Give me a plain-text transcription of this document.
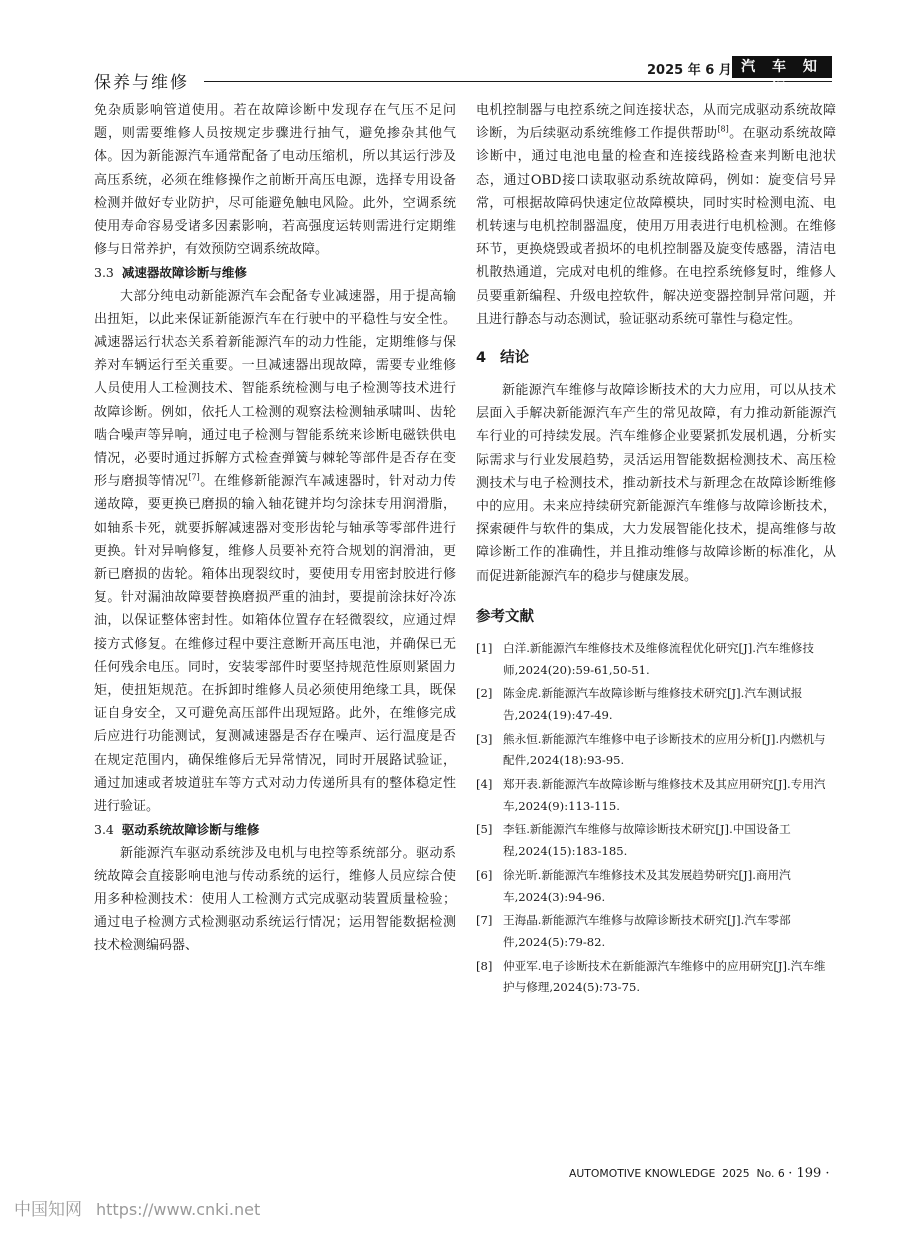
保养与维修
2025 年 6 月 汽 车 知 识

免杂质影响管道使用。若在故障诊断中发现存在气压不足问题，则需要维修人员按规定步骤进行抽气，避免掺杂其他气体。因为新能源汽车通常配备了电动压缩机，所以其运行涉及高压系统，必须在维修操作之前断开高压电源，选择专用设备检测并做好专业防护，尽可能避免触电风险。此外，空调系统使用寿命容易受诸多因素影响，若高强度运转则需进行定期维修与日常养护，有效预防空调系统故障。

3.3 减速器故障诊断与维修

大部分纯电动新能源汽车会配备专业减速器，用于提高输出扭矩，以此来保证新能源汽车在行驶中的平稳性与安全性。减速器运行状态关系着新能源汽车的动力性能，定期维修与保养对车辆运行至关重要。一旦减速器出现故障，需要专业维修人员使用人工检测技术、智能系统检测与电子检测等技术进行故障诊断。例如，依托人工检测的观察法检测轴承啸叫、齿轮啮合噪声等异响，通过电子检测与智能系统来诊断电磁铁供电情况，必要时通过拆解方式检查弹簧与棘轮等部件是否存在变形与磨损等情况[7]。在维修新能源汽车减速器时，针对动力传递故障，要更换已磨损的输入轴花键并均匀涂抹专用润滑脂，如轴系卡死，就要拆解减速器对变形齿轮与轴承等零部件进行更换。针对异响修复，维修人员要补充符合规划的润滑油，更新已磨损的齿轮。箱体出现裂纹时，要使用专用密封胶进行修复。针对漏油故障要替换磨损严重的油封，要提前涂抹好冷冻油，以保证整体密封性。如箱体位置存在轻微裂纹，应通过焊接方式修复。在维修过程中要注意断开高压电池，并确保已无任何残余电压。同时，安装零部件时要坚持规范性原则紧固力矩，使扭矩规范。在拆卸时维修人员必须使用绝缘工具，既保证自身安全，又可避免高压部件出现短路。此外，在维修完成后应进行功能测试，复测减速器是否存在噪声、运行温度是否在规定范围内，确保维修后无异常情况，同时开展路试验证，通过加速或者坡道驻车等方式对动力传递所具有的整体稳定性进行验证。

3.4 驱动系统故障诊断与维修

新能源汽车驱动系统涉及电机与电控等系统部分。驱动系统故障会直接影响电池与传动系统的运行，维修人员应综合使用多种检测技术：使用人工检测方式完成驱动装置质量检验；通过电子检测方式检测驱动系统运行情况；运用智能数据检测技术检测编码器、

电机控制器与电控系统之间连接状态，从而完成驱动系统故障诊断，为后续驱动系统维修工作提供帮助[8]。在驱动系统故障诊断中，通过电池电量的检查和连接线路检查来判断电池状态，通过OBD接口读取驱动系统故障码，例如：旋变信号异常，可根据故障码快速定位故障模块，同时实时检测电流、电机转速与电机控制器温度，使用万用表进行电机检测。在维修环节，更换烧毁或者损坏的电机控制器及旋变传感器，清洁电机散热通道，完成对电机的维修。在电控系统修复时，维修人员要重新编程、升级电控软件，解决逆变器控制异常问题，并且进行静态与动态测试，验证驱动系统可靠性与稳定性。

4 结论

新能源汽车维修与故障诊断技术的大力应用，可以从技术层面入手解决新能源汽车产生的常见故障，有力推动新能源汽车行业的可持续发展。汽车维修企业要紧抓发展机遇，分析实际需求与行业发展趋势，灵活运用智能数据检测技术、高压检测技术与电子检测技术，推动新技术与新理念在故障诊断维修中的应用。未来应持续研究新能源汽车维修与故障诊断技术，探索硬件与软件的集成，大力发展智能化技术，提高维修与故障诊断工作的准确性，并且推动维修与故障诊断的标准化，从而促进新能源汽车的稳步与健康发展。

参考文献
[1] 白洋.新能源汽车维修技术及维修流程优化研究[J].汽车维修技师,2024(20):59-61,50-51.
[2] 陈金虎.新能源汽车故障诊断与维修技术研究[J].汽车测试报告,2024(19):47-49.
[3] 熊永恒.新能源汽车维修中电子诊断技术的应用分析[J].内燃机与配件,2024(18):93-95.
[4] 郑开表.新能源汽车故障诊断与维修技术及其应用研究[J].专用汽车,2024(9):113-115.
[5] 李钰.新能源汽车维修与故障诊断技术研究[J].中国设备工程,2024(15):183-185.
[6] 徐光昕.新能源汽车维修技术及其发展趋势研究[J].商用汽车,2024(3):94-96.
[7] 王海晶.新能源汽车维修与故障诊断技术研究[J].汽车零部件,2024(5):79-82.
[8] 仲亚军.电子诊断技术在新能源汽车维修中的应用研究[J].汽车维护与修理,2024(5):73-75.
AUTOMOTIVE KNOWLEDGE 2025 No. 6 · 199 ·
中国知网 https://www.cnki.net
